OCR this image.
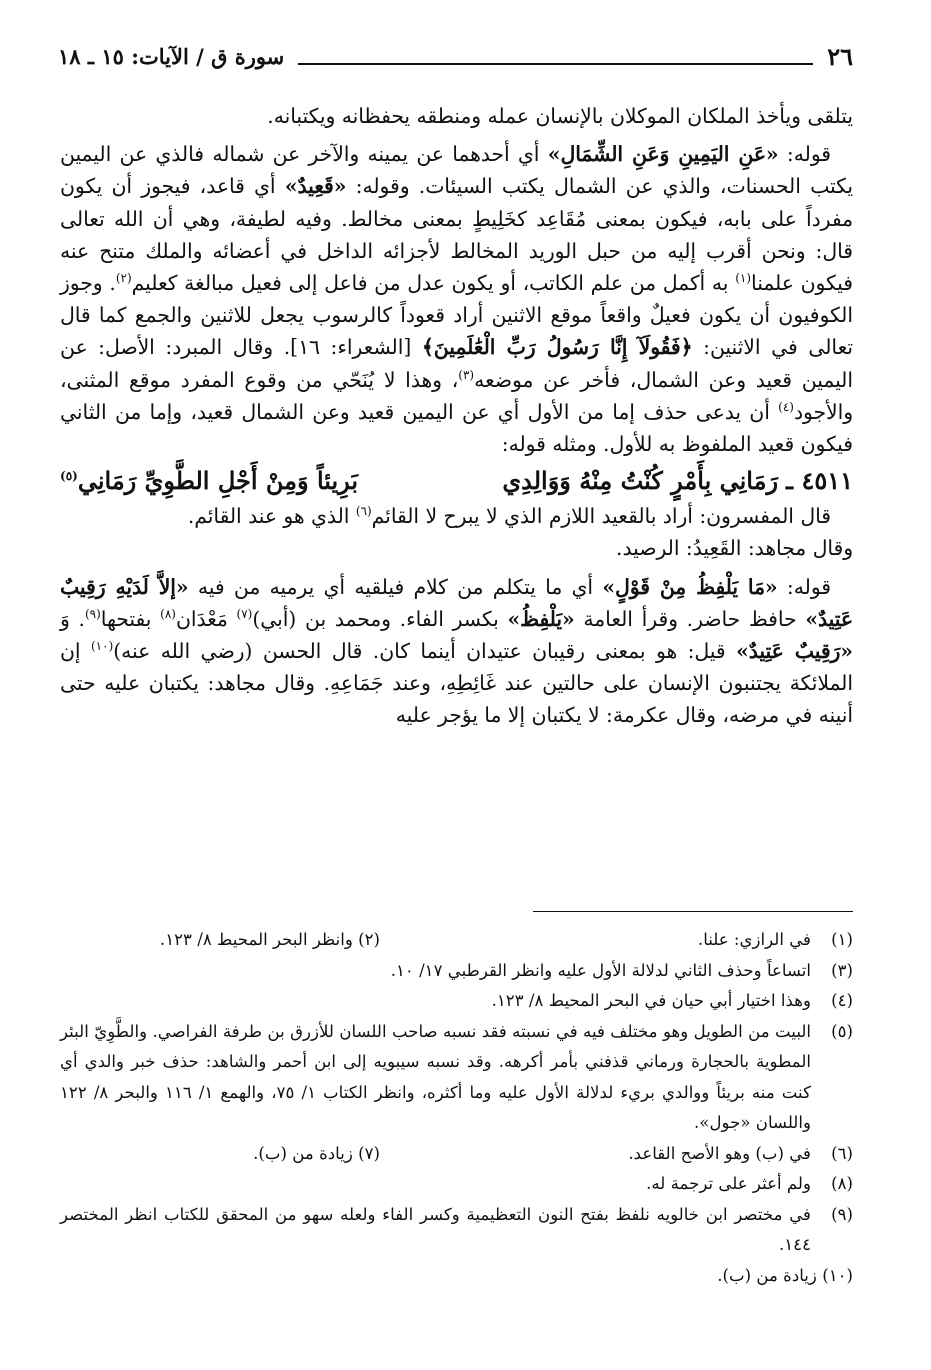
٢٦
سورة ق / الآيات: ١٥ ـ ١٨

يتلقى ويأخذ الملكان الموكلان بالإنسان عمله ومنطقه يحفظانه ويكتبانه.

قوله: «عَنِ اليَمِينِ وَعَنِ الشِّمَالِ» أي أحدهما عن يمينه والآخر عن شماله فالذي عن اليمين يكتب الحسنات، والذي عن الشمال يكتب السيئات. وقوله: «قَعِيدٌ» أي قاعد، فيجوز أن يكون مفرداً على بابه، فيكون بمعنى مُقَاعِد كخَلِيطٍ بمعنى مخالط. وفيه لطيفة، وهي أن الله تعالى قال: ونحن أقرب إليه من حبل الوريد المخالط لأجزائه الداخل في أعضائه والملك متنح عنه فيكون علمنا$^{(١)}$ به أكمل من علم الكاتب، أو يكون عدل من فاعل إلى فعيل مبالغة كعليم$^{(٢)}$. وجوز الكوفيون أن يكون فعيلٌ واقعاً موقع الاثنين أراد قعوداً كالرسوب يجعل للاثنين والجمع كما قال تعالى في الاثنين: ﴿فَقُولَآ إِنَّا رَسُولُ رَبِّ الْعَٰلَمِينَ﴾ [الشعراء: ١٦]. وقال المبرد: الأصل: عن اليمين قعيد وعن الشمال، فأخر عن موضعه$^{(٣)}$، وهذا لا يُنَحّي من وقوع المفرد موقع المثنى، والأجود$^{(٤)}$ أن يدعى حذف إما من الأول أي عن اليمين قعيد وعن الشمال قعيد، وإما من الثاني فيكون قعيد الملفوظ به للأول. ومثله قوله:

٤٥١١ ـ
رَمَانِي بِأَمْرٍ كُنْتُ مِنْهُ وَوَالِدِي
بَرِيئاً وَمِنْ أَجْلِ الطَّوِيِّ رَمَانِي$^{(٥)}$

قال المفسرون: أراد بالقعيد اللازم الذي لا يبرح لا القائم$^{(٦)}$ الذي هو عند القائم.

وقال مجاهد: القَعِيدُ: الرصيد.

قوله: «مَا يَلْفِظُ مِنْ قَوْلٍ» أي ما يتكلم من كلام فيلقيه أي يرميه من فيه «إلاَّ لَدَيْهِ رَقِيبٌ عَتِيدٌ» حافظ حاضر. وقرأ العامة «يَلْفِظُ» بكسر الفاء. ومحمد بن (أبي)$^{(٧)}$ مَعْدَان$^{(٨)}$ بفتحها$^{(٩)}$. وَ «رَقِيبٌ عَتِيدٌ» قيل: هو بمعنى رقيبان عتيدان أينما كان. قال الحسن (رضي الله عنه)$^{(١٠)}$ إن الملائكة يجتنبون الإنسان على حالتين عند غَائِطِهِ، وعند جَمَاعِهِ. وقال مجاهد: يكتبان عليه حتى أنينه في مرضه، وقال عكرمة: لا يكتبان إلا ما يؤجر عليه

(١)
في الرازي: علنا.
(٢) وانظر البحر المحيط ٨/ ١٢٣.
(٣)
اتساعاً وحذف الثاني لدلالة الأول عليه وانظر القرطبي ١٧/ ١٠.
(٤)
وهذا اختيار أبي حيان في البحر المحيط ٨/ ١٢٣.
(٥)
البيت من الطويل وهو مختلف فيه في نسبته فقد نسبه صاحب اللسان للأزرق بن طرفة الفراصي. والطَّوِيّ البئر المطوية بالحجارة ورماني قذفني بأمر أكرهه. وقد نسبه سيبويه إلى ابن أحمر والشاهد: حذف خبر والدي أي كنت منه بريئاً ووالدي بريء لدلالة الأول عليه وما أكثره، وانظر الكتاب ١/ ٧٥، والهمع ١/ ١١٦ والبحر ٨/ ١٢٢ واللسان «جول».
(٦)
في (ب) وهو الأصح القاعد.
(٧) زيادة من (ب).
(٨)
ولم أعثر على ترجمة له.
(٩)
في مختصر ابن خالويه نلفظ بفتح النون التعظيمية وكسر الفاء ولعله سهو من المحقق للكتاب انظر المختصر ١٤٤.
(١٠) زيادة من (ب).
